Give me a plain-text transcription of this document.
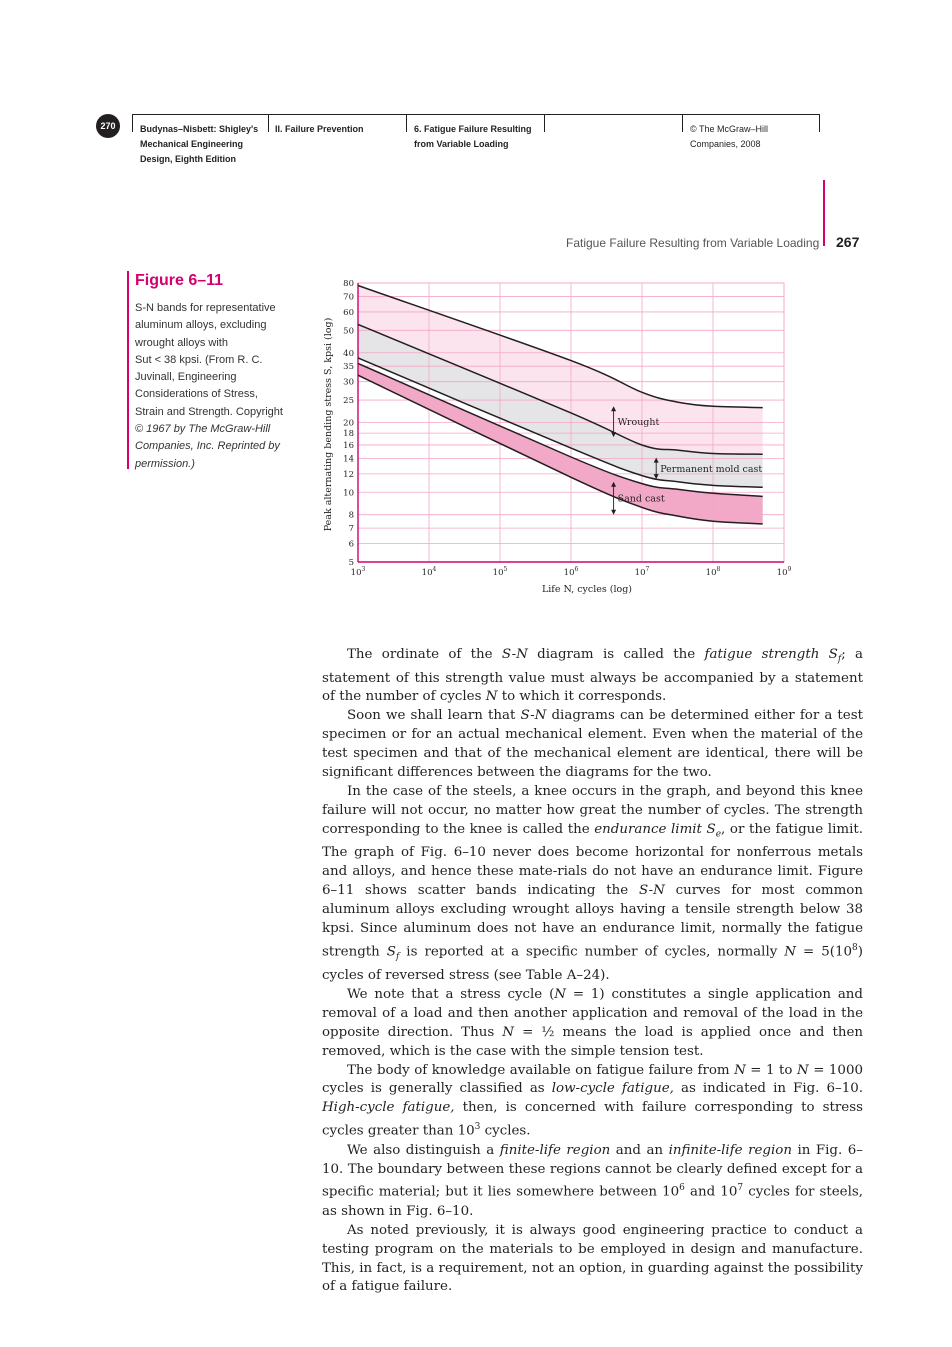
270	Budynas–Nisbett: Shigley's
Mechanical Engineering
Design, Eighth Edition
II. Failure Prevention	6. Fatigue Failure Resulting
from Variable Loading
© The McGraw–Hill
Companies, 2008
Fatigue Failure Resulting from Variable Loading 267
Figure 6–11
S-N bands for representative
aluminum alloys, excluding
wrought alloys with
Sut < 38 kpsi. (From R. C.
Juvinall, Engineering
Considerations of Stress,
Strain and Strength. Copyright
© 1967 by The McGraw-Hill
Companies, Inc. Reprinted by
permission.)
Wrought
Permanent mold cast
Sand cast
5
6
7
8
10
12
14
16
18
20
25
30
35
40
50
60
70
80
$10^3$	$10^4$	$10^5$	$10^6$	$10^7$	$10^8$	$10^9$
Life N, cycles (log)
Peak alternating bending stress S, kpsi (log)

The ordinate of the S-N diagram is called the fatigue strength $S_f$; a statement of this strength value must always be accompanied by a statement of the number of cycles N to which it corresponds.

Soon we shall learn that S-N diagrams can be determined either for a test specimen or for an actual mechanical element. Even when the material of the test specimen and that of the mechanical element are identical, there will be significant differences between the diagrams for the two.

In the case of the steels, a knee occurs in the graph, and beyond this knee failure will not occur, no matter how great the number of cycles. The strength corresponding to the knee is called the endurance limit $S_e$, or the fatigue limit. The graph of Fig. 6–10 never does become horizontal for nonferrous metals and alloys, and hence these mate-rials do not have an endurance limit. Figure 6–11 shows scatter bands indicating the S-N curves for most common aluminum alloys excluding wrought alloys having a tensile strength below 38 kpsi. Since aluminum does not have an endurance limit, normally the fatigue strength $S_f$ is reported at a specific number of cycles, normally $N = 5(10^8)$ cycles of reversed stress (see Table A–24).

We note that a stress cycle (N = 1) constitutes a single application and removal of a load and then another application and removal of the load in the opposite direction. Thus N = ½ means the load is applied once and then removed, which is the case with the simple tension test.

The body of knowledge available on fatigue failure from N = 1 to N = 1000 cycles is generally classified as low-cycle fatigue, as indicated in Fig. 6–10. High-cycle fatigue, then, is concerned with failure corresponding to stress cycles greater than $10^3$ cycles.

We also distinguish a finite-life region and an infinite-life region in Fig. 6–10. The boundary between these regions cannot be clearly defined except for a specific material; but it lies somewhere between $10^6$ and $10^7$ cycles for steels, as shown in Fig. 6–10.

As noted previously, it is always good engineering practice to conduct a testing program on the materials to be employed in design and manufacture. This, in fact, is a requirement, not an option, in guarding against the possibility of a fatigue failure.
